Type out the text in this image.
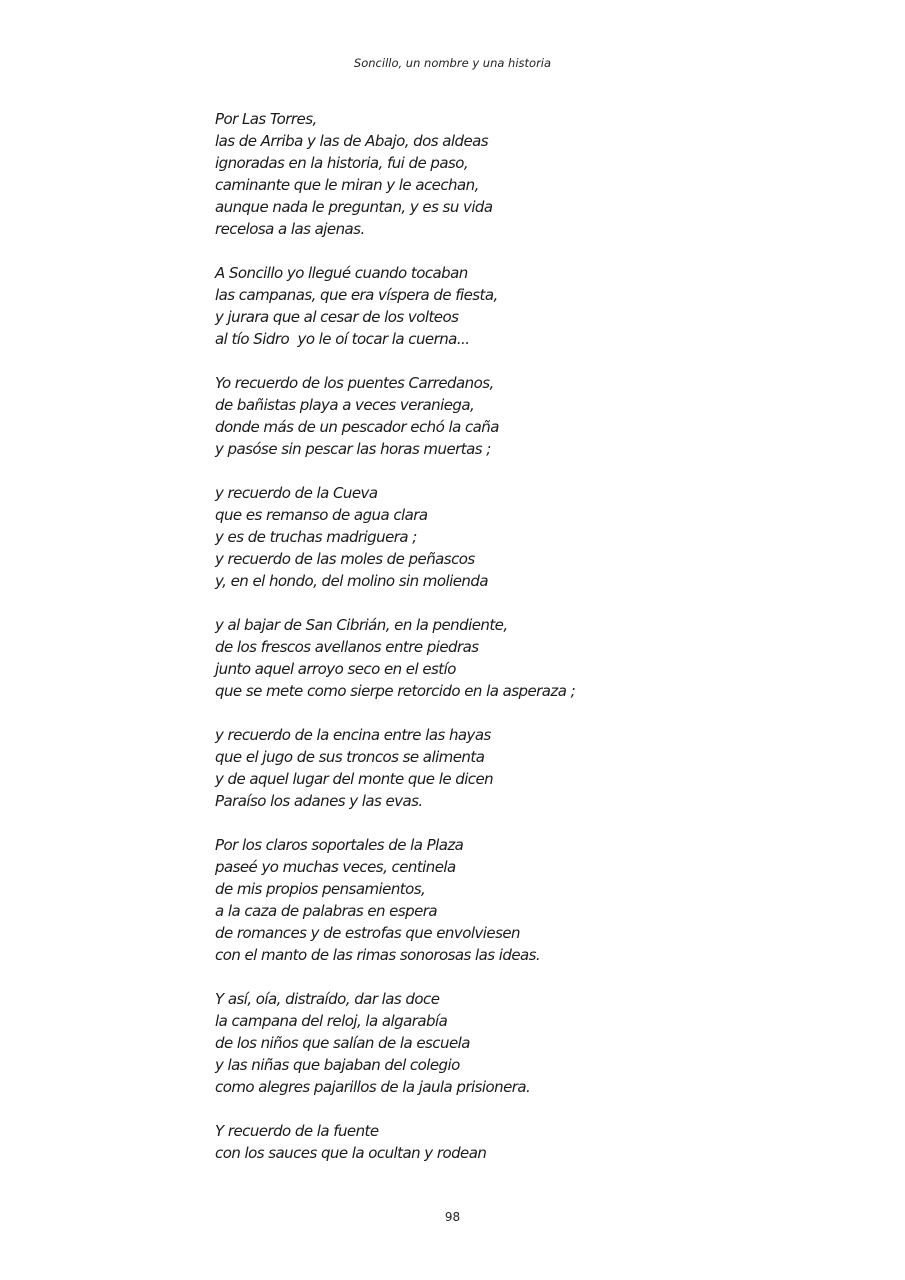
Soncillo, un nombre y una historia
Por Las Torres,
las de Arriba y las de Abajo, dos aldeas
ignoradas en la historia, fui de paso,
caminante que le miran y le acechan,
aunque nada le preguntan, y es su vida
recelosa a las ajenas.
A Soncillo yo llegué cuando tocaban
las campanas, que era víspera de fiesta,
y jurara que al cesar de los volteos
al tío Sidro  yo le oí tocar la cuerna...
Yo recuerdo de los puentes Carredanos,
de bañistas playa a veces veraniega,
donde más de un pescador echó la caña
y pasóse sin pescar las horas muertas ;
y recuerdo de la Cueva
que es remanso de agua clara
y es de truchas madriguera ;
y recuerdo de las moles de peñascos
y, en el hondo, del molino sin molienda
y al bajar de San Cibrián, en la pendiente,
de los frescos avellanos entre piedras
junto aquel arroyo seco en el estío
que se mete como sierpe retorcido en la asperaza ;
y recuerdo de la encina entre las hayas
que el jugo de sus troncos se alimenta
y de aquel lugar del monte que le dicen
Paraíso los adanes y las evas.
Por los claros soportales de la Plaza
paseé yo muchas veces, centinela
de mis propios pensamientos,
a la caza de palabras en espera
de romances y de estrofas que envolviesen
con el manto de las rimas sonorosas las ideas.
Y así, oía, distraído, dar las doce
la campana del reloj, la algarabía
de los niños que salían de la escuela
y las niñas que bajaban del colegio
como alegres pajarillos de la jaula prisionera.
Y recuerdo de la fuente
con los sauces que la ocultan y rodean
98
